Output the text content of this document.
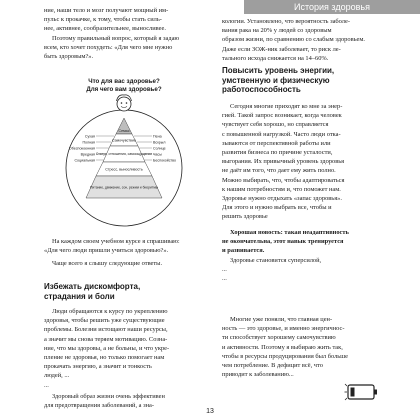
История здоровья

ние, наши тело и мозг получают мощный им-

пульс к прокачке, к тому, чтобы стать силь-

нее, активнее, сообразительнее, выносливее.

Поэтому правильный вопрос, который я задаю

всем, кто хочет похудеть: «Для чего мне нужно

быть здоровым?».

На каждом своем учебном курсе я спрашиваю:

«Для чего люди пришли учиться здоровью?».

Чаще всего я слышу следующие ответы.

Избежать дискомфорта,
страдания и боли

Люди обращаются к курсу по укреплению

здоровья, чтобы решить уже существующие

проблемы. Болезни истощают наши ресурсы,

а значит мы снова теряем мотивацию. Созна-

ние, что мы здоровы, а не больны, и что укре-

пление не здоровья, но только помогает нам

прокачать энергию, а значит и тонкость

людей, ...

...

Здоровый образ жизни очень эффективен

для предотвращения заболеваний, а зна-

Что для вас здоровье?
Для чего вам здоровье?
Семья
Самочувствие
Статус, отношения, самоощущение
Стресс, выносливость
Питание, движение, сон, режим и биоритмы
Сухая
Полная
Обеспокоенная
Вредная
Социальная
Пена
Вскрыл
Солнце
Часы
Беспокойство

кологии. Установлено, что вероятность заболе-

вания рака на 20% у людей со здоровым

образом жизни, по сравнению со слабым здоровьем.

Даже если ЗОЖ-ник заболевает, то риск ле-

тального исхода снижается на 14–60%.

Повысить уровень энергии,
умственную и физическую
работоспособность

Сегодня многие приходят ко мне за энер-

гией. Такой запрос возникает, когда человек

чувствует себя хорошо, но справляется

с повышенной нагрузкой. Часто люди отка-

зываются от перспективной работы или

развития бизнеса по причине усталости,

выгорания. Их привычный уровень здоровья

не даёт им того, что дает ему жить полно.

Можно выбирать, что, чтобы адаптироваться

к нашим потребностям и, что поможет нам.

Здоровье нужно отдыхать «запас здоровья».

Для этого и нужно выбрать все, чтобы и

решить здоровье

Хорошая новость: такая неадаптивность

не окончательна, этот навык тренируется

и развивается.

Здоровье становится суперсилой,

...

...

Многие уже поняли, что главная цен-

ность — это здоровье, и именно энергичнос-

ти способствует хорошему самочувствию

и активности. Поэтому я выбираю жить так,

чтобы в ресурсы продуцирования был больше

чем потребление. В дефицит всё, что

приводит к заболеванию...

13
